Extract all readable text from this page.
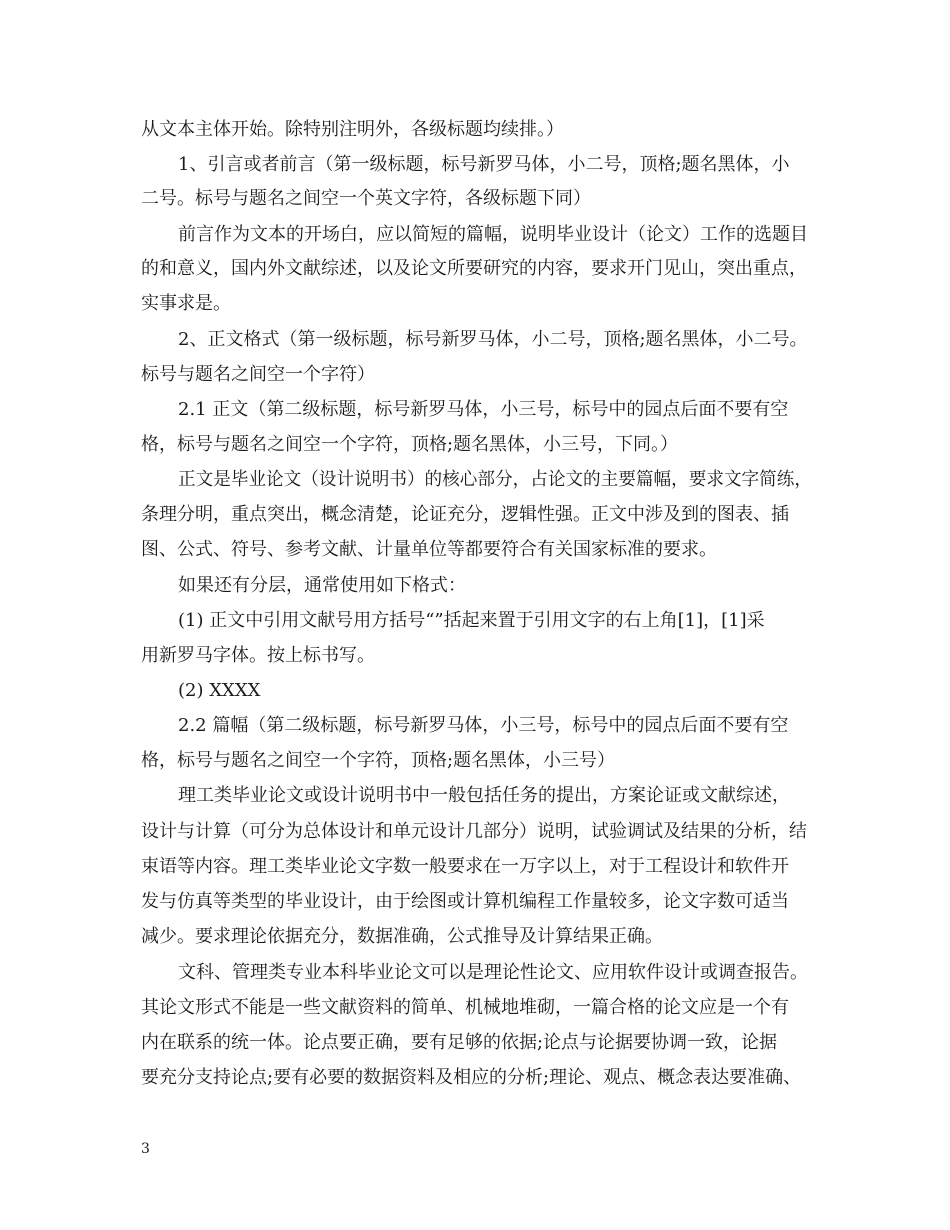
从文本主体开始。除特别注明外，各级标题均续排。）
1、引言或者前言（第一级标题，标号新罗马体，小二号，顶格;题名黑体，小
二号。标号与题名之间空一个英文字符，各级标题下同）
前言作为文本的开场白，应以简短的篇幅，说明毕业设计（论文）工作的选题目
的和意义，国内外文献综述，以及论文所要研究的内容，要求开门见山，突出重点，
实事求是。
2、正文格式（第一级标题，标号新罗马体，小二号，顶格;题名黑体，小二号。
标号与题名之间空一个字符）
2.1 正文（第二级标题，标号新罗马体，小三号，标号中的园点后面不要有空
格，标号与题名之间空一个字符，顶格;题名黑体，小三号，下同。）
正文是毕业论文（设计说明书）的核心部分，占论文的主要篇幅，要求文字简练，
条理分明，重点突出，概念清楚，论证充分，逻辑性强。正文中涉及到的图表、插
图、公式、符号、参考文献、计量单位等都要符合有关国家标准的要求。
如果还有分层，通常使用如下格式：
(1) 正文中引用文献号用方括号“”括起来置于引用文字的右上角[1]，[1]采
用新罗马字体。按上标书写。
(2) XXXX
2.2 篇幅（第二级标题，标号新罗马体，小三号，标号中的园点后面不要有空
格，标号与题名之间空一个字符，顶格;题名黑体，小三号）
理工类毕业论文或设计说明书中一般包括任务的提出，方案论证或文献综述，
设计与计算（可分为总体设计和单元设计几部分）说明，试验调试及结果的分析，结
束语等内容。理工类毕业论文字数一般要求在一万字以上，对于工程设计和软件开
发与仿真等类型的毕业设计，由于绘图或计算机编程工作量较多，论文字数可适当
减少。要求理论依据充分，数据准确，公式推导及计算结果正确。
文科、管理类专业本科毕业论文可以是理论性论文、应用软件设计或调查报告。
其论文形式不能是一些文献资料的简单、机械地堆砌，一篇合格的论文应是一个有
内在联系的统一体。论点要正确，要有足够的依据;论点与论据要协调一致，论据
要充分支持论点;要有必要的数据资料及相应的分析;理论、观点、概念表达要准确、
3
